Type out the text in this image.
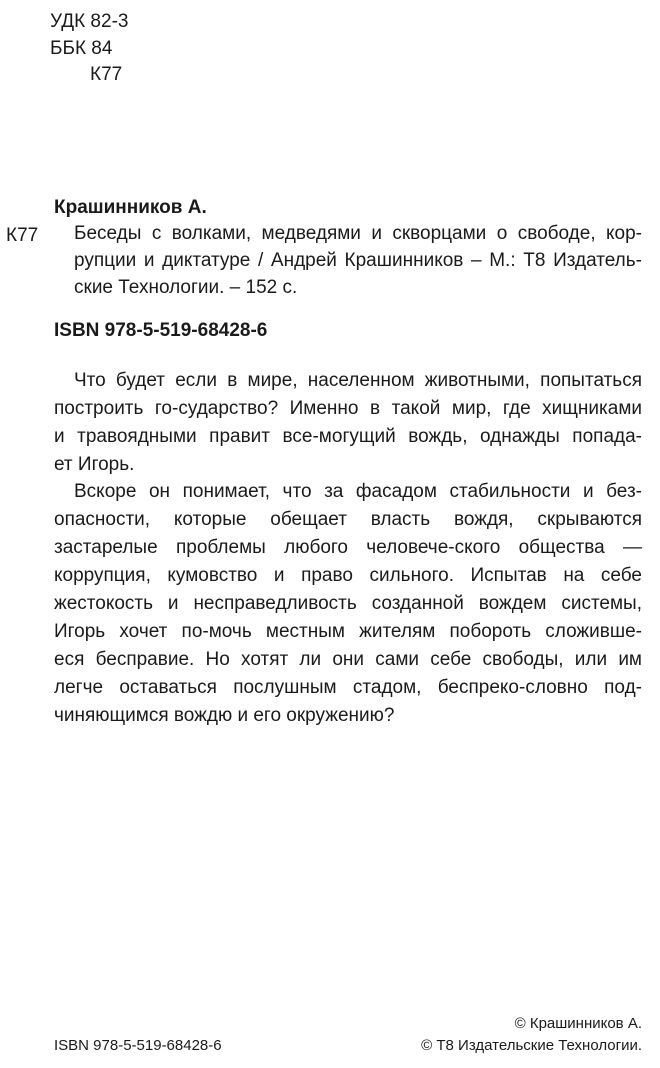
УДК 82-3
ББК 84
К77
Крашинников А.
К77 Беседы с волками, медведями и скворцами о свободе, кор-
рупции и диктатуре / Андрей Крашинников – М.: Т8 Издатель-
ские Технологии. – 152 с.
ISBN 978-5-519-68428-6
Что будет если в мире, населенном животными, попытаться
построить го-сударство? Именно в такой мир, где хищниками
и травоядными правит все-могущий вождь, однажды попада-
ет Игорь.
Вскоре он понимает, что за фасадом стабильности и без-
опасности, которые обещает власть вождя, скрываются
застарелые проблемы любого человече-ского общества —
коррупция, кумовство и право сильного. Испытав на себе
жестокость и несправедливость созданной вождем системы,
Игорь хочет по-мочь местным жителям побороть сложивше-
еся бесправие. Но хотят ли они сами себе свободы, или им
легче оставаться послушным стадом, беспреко-словно под-
чиняющимся вождю и его окружению?
© Крашинников А.
ISBN 978-5-519-68428-6	© Т8 Издательские Технологии.
